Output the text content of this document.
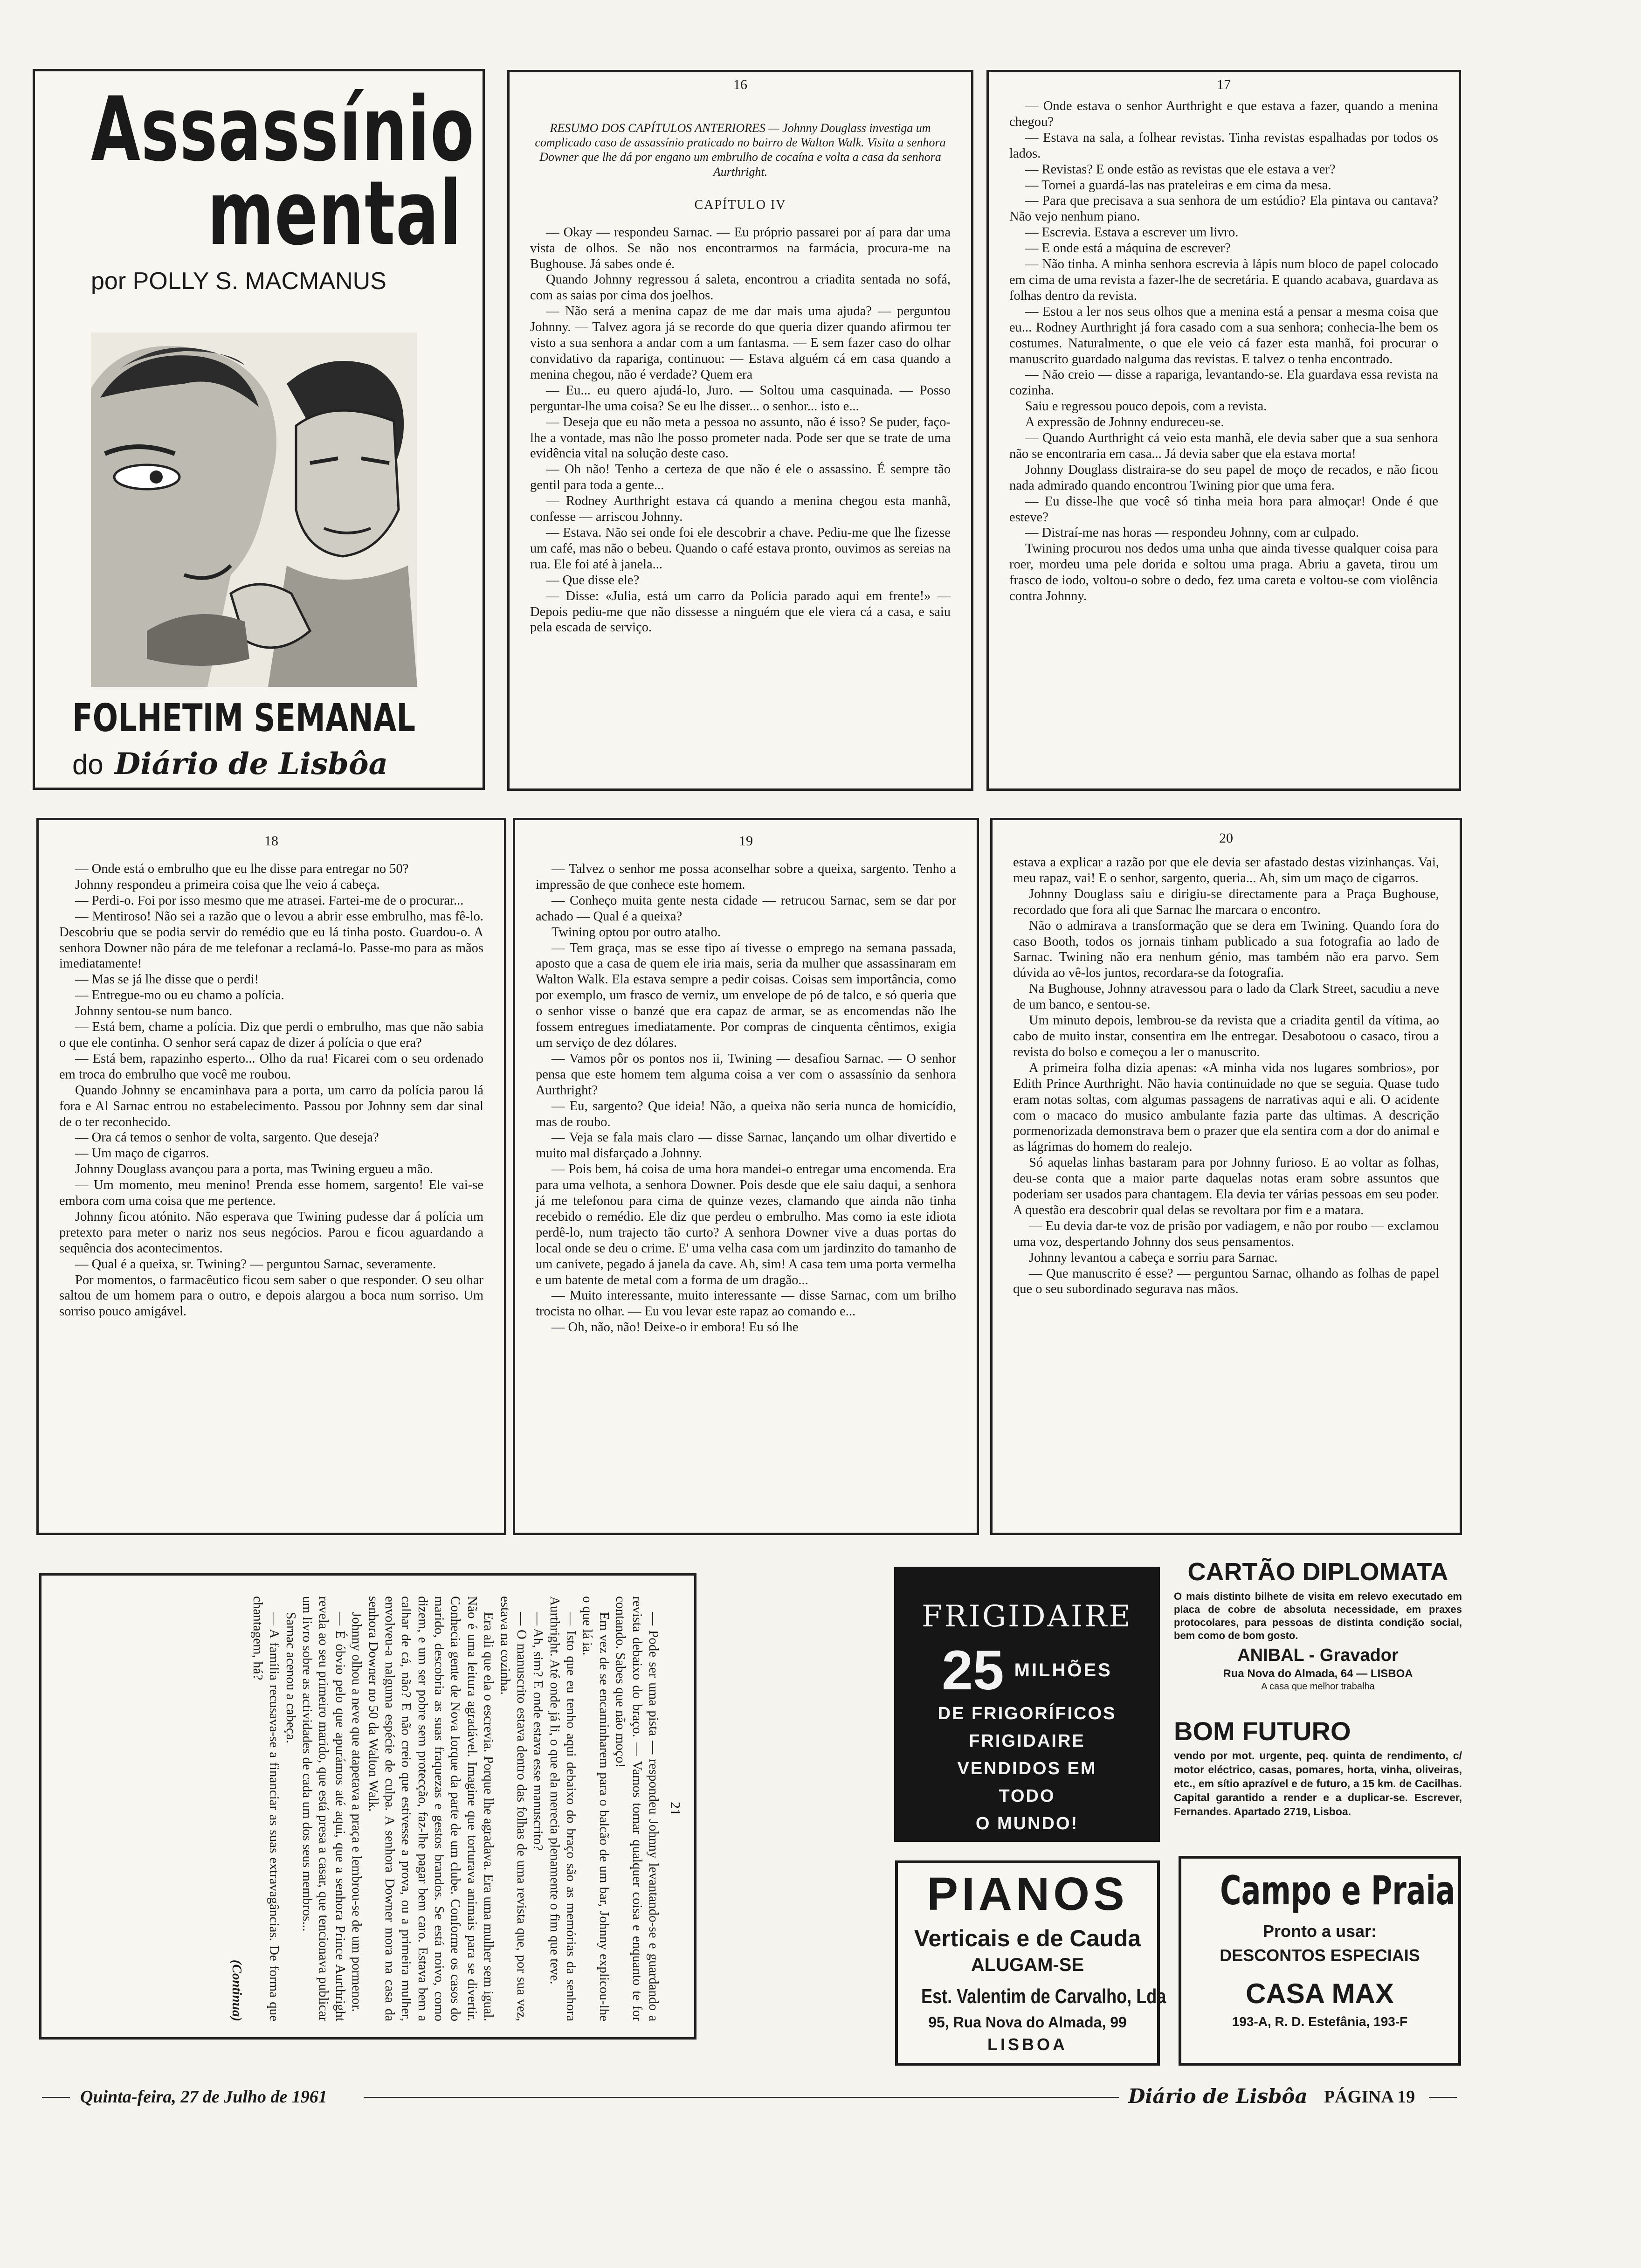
Assassínio
mental
por POLLY S. MACMANUS
FOLHETIM SEMANAL
do Diário de Lisbôa
16
RESUMO DOS CAPÍTULOS ANTERIORES — Johnny Douglass investiga um complicado caso de assassínio praticado no bairro de Walton Walk. Visita a senhora Downer que lhe dá por engano um embrulho de cocaína e volta a casa da senhora Aurthright.
CAPÍTULO IV

— Okay — respondeu Sarnac. — Eu próprio passarei por aí para dar uma vista de olhos. Se não nos encontrarmos na farmácia, procura-me na Bughouse. Já sabes onde é.

Quando Johnny regressou á saleta, encontrou a criadita sentada no sofá, com as saias por cima dos joelhos.

— Não será a menina capaz de me dar mais uma ajuda? — perguntou Johnny. — Talvez agora já se recorde do que queria dizer quando afirmou ter visto a sua senhora a andar com a um fantasma. — E sem fazer caso do olhar convidativo da rapariga, continuou: — Estava alguém cá em casa quando a menina chegou, não é verdade? Quem era

— Eu... eu quero ajudá-lo, Juro. — Soltou uma casquinada. — Posso perguntar-lhe uma coisa? Se eu lhe disser... o senhor... isto e...

— Deseja que eu não meta a pessoa no assunto, não é isso? Se puder, faço-lhe a vontade, mas não lhe posso prometer nada. Pode ser que se trate de uma evidência vital na solução deste caso.

— Oh não! Tenho a certeza de que não é ele o assassino. É sempre tão gentil para toda a gente...

— Rodney Aurthright estava cá quando a menina chegou esta manhã, confesse — arriscou Johnny.

— Estava. Não sei onde foi ele descobrir a chave. Pediu-me que lhe fizesse um café, mas não o bebeu. Quando o café estava pronto, ouvimos as sereias na rua. Ele foi até à janela...

— Que disse ele?

— Disse: «Julia, está um carro da Polícia parado aqui em frente!» — Depois pediu-me que não dissesse a ninguém que ele viera cá a casa, e saiu pela escada de serviço.

17

— Onde estava o senhor Aurthright e que estava a fazer, quando a menina chegou?

— Estava na sala, a folhear revistas. Tinha revistas espalhadas por todos os lados.

— Revistas? E onde estão as revistas que ele estava a ver?

— Tornei a guardá-las nas prateleiras e em cima da mesa.

— Para que precisava a sua senhora de um estúdio? Ela pintava ou cantava? Não vejo nenhum piano.

— Escrevia. Estava a escrever um livro.

— E onde está a máquina de escrever?

— Não tinha. A minha senhora escrevia à lápis num bloco de papel colocado em cima de uma revista a fazer-lhe de secretária. E quando acabava, guardava as folhas dentro da revista.

— Estou a ler nos seus olhos que a menina está a pensar a mesma coisa que eu... Rodney Aurthright já fora casado com a sua senhora; conhecia-lhe bem os costumes. Naturalmente, o que ele veio cá fazer esta manhã, foi procurar o manuscrito guardado nalguma das revistas. E talvez o tenha encontrado.

— Não creio — disse a rapariga, levantando-se. Ela guardava essa revista na cozinha.

Saiu e regressou pouco depois, com a revista.

A expressão de Johnny endureceu-se.

— Quando Aurthright cá veio esta manhã, ele devia saber que a sua senhora não se encontraria em casa... Já devia saber que ela estava morta!

Johnny Douglass distraira-se do seu papel de moço de recados, e não ficou nada admirado quando encontrou Twining pior que uma fera.

— Eu disse-lhe que você só tinha meia hora para almoçar! Onde é que esteve?

— Distraí-me nas horas — respondeu Johnny, com ar culpado.

Twining procurou nos dedos uma unha que ainda tivesse qualquer coisa para roer, mordeu uma pele dorida e soltou uma praga. Abriu a gaveta, tirou um frasco de iodo, voltou-o sobre o dedo, fez uma careta e voltou-se com violência contra Johnny.

18

— Onde está o embrulho que eu lhe disse para entregar no 50?

Johnny respondeu a primeira coisa que lhe veio á cabeça.

— Perdi-o. Foi por isso mesmo que me atrasei. Fartei-me de o procurar...

— Mentiroso! Não sei a razão que o levou a abrir esse embrulho, mas fê-lo. Descobriu que se podia servir do remédio que eu lá tinha posto. Guardou-o. A senhora Downer não pára de me telefonar a reclamá-lo. Passe-mo para as mãos imediatamente!

— Mas se já lhe disse que o perdi!

— Entregue-mo ou eu chamo a polícia.

Johnny sentou-se num banco.

— Está bem, chame a polícia. Diz que perdi o embrulho, mas que não sabia o que ele continha. O senhor será capaz de dizer á polícia o que era?

— Está bem, rapazinho esperto... Olho da rua! Ficarei com o seu ordenado em troca do embrulho que você me roubou.

Quando Johnny se encaminhava para a porta, um carro da polícia parou lá fora e Al Sarnac entrou no estabelecimento. Passou por Johnny sem dar sinal de o ter reconhecido.

— Ora cá temos o senhor de volta, sargento. Que deseja?

— Um maço de cigarros.

Johnny Douglass avançou para a porta, mas Twining ergueu a mão.

— Um momento, meu menino! Prenda esse homem, sargento! Ele vai-se embora com uma coisa que me pertence.

Johnny ficou atónito. Não esperava que Twining pudesse dar á polícia um pretexto para meter o nariz nos seus negócios. Parou e ficou aguardando a sequência dos acontecimentos.

— Qual é a queixa, sr. Twining? — perguntou Sarnac, severamente.

Por momentos, o farmacêutico ficou sem saber o que responder. O seu olhar saltou de um homem para o outro, e depois alargou a boca num sorriso. Um sorriso pouco amigável.

19

— Talvez o senhor me possa aconselhar sobre a queixa, sargento. Tenho a impressão de que conhece este homem.

— Conheço muita gente nesta cidade — retrucou Sarnac, sem se dar por achado — Qual é a queixa?

Twining optou por outro atalho.

— Tem graça, mas se esse tipo aí tivesse o emprego na semana passada, aposto que a casa de quem ele iria mais, seria da mulher que assassinaram em Walton Walk. Ela estava sempre a pedir coisas. Coisas sem importância, como por exemplo, um frasco de verniz, um envelope de pó de talco, e só queria que o senhor visse o banzé que era capaz de armar, se as encomendas não lhe fossem entregues imediatamente. Por compras de cinquenta cêntimos, exigia um serviço de dez dólares.

— Vamos pôr os pontos nos ii, Twining — desafiou Sarnac. — O senhor pensa que este homem tem alguma coisa a ver com o assassínio da senhora Aurthright?

— Eu, sargento? Que ideia! Não, a queixa não seria nunca de homicídio, mas de roubo.

— Veja se fala mais claro — disse Sarnac, lançando um olhar divertido e muito mal disfarçado a Johnny.

— Pois bem, há coisa de uma hora mandei-o entregar uma encomenda. Era para uma velhota, a senhora Downer. Pois desde que ele saiu daqui, a senhora já me telefonou para cima de quinze vezes, clamando que ainda não tinha recebido o remédio. Ele diz que perdeu o embrulho. Mas como ia este idiota perdê-lo, num trajecto tão curto? A senhora Downer vive a duas portas do local onde se deu o crime. E' uma velha casa com um jardinzito do tamanho de um canivete, pegado á janela da cave. Ah, sim! A casa tem uma porta vermelha e um batente de metal com a forma de um dragão...

— Muito interessante, muito interessante — disse Sarnac, com um brilho trocista no olhar. — Eu vou levar este rapaz ao comando e...

— Oh, não, não! Deixe-o ir embora! Eu só lhe

20

estava a explicar a razão por que ele devia ser afastado destas vizinhanças. Vai, meu rapaz, vai! E o senhor, sargento, queria... Ah, sim um maço de cigarros.

Johnny Douglass saiu e dirigiu-se directamente para a Praça Bughouse, recordado que fora ali que Sarnac lhe marcara o encontro.

Não o admirava a transformação que se dera em Twining. Quando fora do caso Booth, todos os jornais tinham publicado a sua fotografia ao lado de Sarnac. Twining não era nenhum génio, mas também não era parvo. Sem dúvida ao vê-los juntos, recordara-se da fotografia.

Na Bughouse, Johnny atravessou para o lado da Clark Street, sacudiu a neve de um banco, e sentou-se.

Um minuto depois, lembrou-se da revista que a criadita gentil da vítima, ao cabo de muito instar, consentira em lhe entregar. Desabotoou o casaco, tirou a revista do bolso e começou a ler o manuscrito.

A primeira folha dizia apenas: «A minha vida nos lugares sombrios», por Edith Prince Aurthright. Não havia continuidade no que se seguia. Quase tudo eram notas soltas, com algumas passagens de narrativas aqui e ali. O acidente com o macaco do musico ambulante fazia parte das ultimas. A descrição pormenorizada demonstrava bem o prazer que ela sentira com a dor do animal e as lágrimas do homem do realejo.

Só aquelas linhas bastaram para por Johnny furioso. E ao voltar as folhas, deu-se conta que a maior parte daquelas notas eram sobre assuntos que poderiam ser usados para chantagem. Ela devia ter várias pessoas em seu poder. A questão era descobrir qual delas se revoltara por fim e a matara.

— Eu devia dar-te voz de prisão por vadiagem, e não por roubo — exclamou uma voz, despertando Johnny dos seus pensamentos.

Johnny levantou a cabeça e sorriu para Sarnac.

— Que manuscrito é esse? — perguntou Sarnac, olhando as folhas de papel que o seu subordinado segurava nas mãos.

21

— Pode ser uma pista — respondeu Johnny levantando-se e guardando a revista debaixo do braço. — Vamos tomar qualquer coisa e enquanto te for contando. Sabes que não moço!

Em vez de se encaminharem para o balcão de um bar, Johnny explicou-lhe o que lá ia.

— Isto que eu tenho aqui debaixo do braço são as memórias da senhora Aurthright. Até onde já li, o que ela merecia plenamente o fim que teve.

— Ah, sim? E onde estava esse manuscrito?

— O manuscrito estava dentro das folhas de uma revista que, por sua vez, estava na cozinha.

Era ali que ela o escrevia. Porque lhe agradava. Era uma mulher sem igual. Não é uma leitura agradável. Imagine que torturava animais para se divertir. Conhecia gente de Nova Iorque da parte de um clube. Conforme os casos do marido, descobria as suas fraquezas e gestos brandos. Se está noivo, como dizem, e um ser pobre sem protecção, faz-lhe pagar bem caro. Estava bem a calhar de cá, não? E não creio que estivesse a prova, ou a primeira mulher, envolveu-a nalguma espécie de culpa. A senhora Downer mora na casa da senhora Downer no 50 da Walton Walk.

Johnny olhou a neve que atapetava a praça e lembrou-se de um pormenor.

— É óbvio pelo que apurámos até aqui, que a senhora Prince Aurthright revela ao seu primeiro marido, que está presa a casar, que tencionava publicar um livro sobre as actividades de cada um dos seus membros...

Sarnac acenou a cabeça.

— A família recusava-se a financiar as suas extravagâncias. De forma que chantagem, há?

(Continua)
FRIGIDAIRE
25 MILHÕES
DE FRIGORÍFICOS
FRIGIDAIRE
VENDIDOS EM
TODO
O MUNDO!
PIANOS
Verticais e de Cauda
ALUGAM-SE
Est. Valentim de Carvalho, Lda
95, Rua Nova do Almada, 99
LISBOA
CARTÃO DIPLOMATA
O mais distinto bilhete de visita em relevo executado em placa de cobre de absoluta necessidade, em praxes protocolares, para pessoas de distinta condição social, bem como de bom gosto.
ANIBAL - Gravador
Rua Nova do Almada, 64 — LISBOA
A casa que melhor trabalha
BOM FUTURO
vendo por mot. urgente, peq. quinta de rendimento, c/ motor eléctrico, casas, pomares, horta, vinha, oliveiras, etc., em sítio aprazível e de futuro, a 15 km. de Cacilhas. Capital garantido a render e a duplicar-se. Escrever, Fernandes. Apartado 2719, Lisboa.
Campo e Praia
Pronto a usar:
DESCONTOS ESPECIAIS
CASA MAX
193-A, R. D. Estefânia, 193-F
Quinta-feira, 27 de Julho de 1961	Diário de Lisbôa PÁGINA 19
